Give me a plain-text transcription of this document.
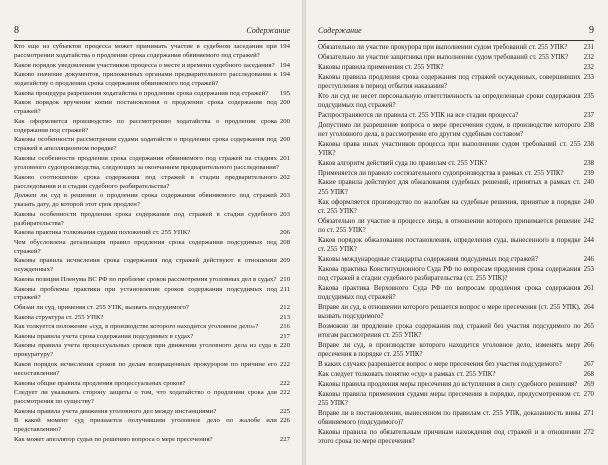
8	Содержание
194
Кто еще из субъектов процесса может принимать участие в судебном заседании при рассмотрении ходатайства о продлении срока содержания обвиняемого под стражей?
194
Каков порядок уведомления участников процесса о месте и времени судебного заседания?
194
Каково значение документов, приложенных органами предварительного расследования к ходатайству о продлении срока содержания обвиняемого под стражей?
195
Какова процедура разрешения ходатайства о продлении срока содержания под стражей?
200
Каков порядок вручения копии постановления о продлении срока содержания под стражей?
200
Как оформляется производство по рассмотрению ходатайства о продлении срока содержания под стражей?
200
Каковы особенности рассмотрения судами ходатайств о продлении срока содержания под стражей в апелляционном порядке?
201
Каковы особенности продления срока содержания обвиняемого под стражей на стадиях уголовного судопроизводства, следующих за окончанием предварительного расследования?
202
Каково соотношение срока содержания под стражей в стадии предварительного расследования и в стадии судебного разбирательства?
203
Должен ли суд в решении о продлении срока содержания обвиняемого под стражей указать дату, до которой этот срок продлен?
203
Каковы особенности продления срока содержания под стражей в стадии судебного разбирательства?
206
Какова практика толкования судами положений ст. 255 УПК?
208
Чем обусловлена детализация правил продления срока содержания подсудимых под стражей?
209
Каковы правила исчисления срока содержания под стражей действуют в отношении осужденных?
210
Какова позиция Пленума ВС РФ по проблеме сроков рассмотрения уголовных дел в судах?
211
Каковы проблемы практики при установлении сроков содержания подсудимых под стражей?
212
Обязан ли суд, применяя ст. 255 УПК, вызвать подсудимого?
213
Какова структура ст. 255 УПК?
216
Как толкуется положение «суд, в производстве которого находится уголовное дело»?
217
Каковы правила учета срока содержания подсудимых в судах?
220
Каковы правила учета процессуальных сроков при движении уголовного дела из суда в прокуратуру?
222
Каков порядок исчисления сроков по делам возвращенных прокурором по причине его несоставления?
222
Каковы общие правила продления процессуальных сроков?
222
Следует ли указывать сторону защиты о том, что ходатайство о продлении срока для рассмотрения по существу?
225
Каковы правила учета движения уголовного дел между инстанциями?
226
В какой момент суд признается получившим уголовное дело по жалобе или представлению?
227
Как может апеллятор судьи по решению вопроса о мере пресечения?
Содержание	9
231
Обязательно ли участие прокурора при выполнении судом требований ст. 255 УПК?
232
Обязательно ли участие защитника при выполнении судом требований ст. 255 УПК?
232
Каковы правила применения ст. 255 УПК?
233
Каковы правила продления срока содержания под стражей осужденных, совершивших преступления в период отбытия наказания?
235
Кто ли суд не несет персональную ответственность за определенные сроки содержания подсудимых под стражей?
237
Распространяются ли правила ст. 255 УПК на все стадии процесса?
238
Допустимо ли разрешение вопроса о мере пресечения судом, в производстве которого нет уголовного дела, в рассмотрение его другим судебным составом?
238
Каковы права иных участников процесса при выполнении судом требований ст. 255 УПК?
238
Каков алгоритм действий суда по правилам ст. 255 УПК?
239
Применяется ли правило состязательного судопроизводства в рамках ст. 255 УПК?
240
Какие правила действуют для обжалования судебных решений, принятых в рамках ст. 255 УПК?
240
Как оформляется производство по жалобам на судебные решения, принятые в порядке ст. 255 УПК?
242
Обязательно ли участие в процессе лица, в отношении которого принимается решение по ст. 255 УПК?
244
Каков порядок обжалования постановления, определения суда, вынесенного в порядке ст. 255 УПК?
246
Каковы международные стандарты содержания подсудимых под стражей?
253
Какова практика Конституционного Суда РФ по вопросам продления срока содержания под стражей в стадии судебного разбирательства (ст. 255 УПК)?
261
Какова практика Верховного Суда РФ по вопросам продления срока содержания подсудимых под стражей?
264
Вправе ли суд, в отношении которого решается вопрос о мере пресечения (ст. 255 УПК), вызвать подсудимого?
265
Возможно ли продление срока содержания под стражей без участия подсудимого по итогам рассмотрения ст. 255 УПК?
266
Вправе ли суд, в производстве которого находится уголовное дело, изменять меру пресечения в порядке ст. 255 УПК?
267
В каких случаях разрешается вопрос о мере пресечения без участия подсудимого?
268
Как следует толковать понятие «суд» в рамках ст. 255 УПК?
269
Каковы правила продления меры пресечения до вступления в силу судебного решения?
270
Каковы правила применения судами меры пресечения в порядке, предусмотренном ст. 255 УПК?
271
Вправе ли в постановлении, вынесенном по правилам ст. 255 УПК, доказанность вины обвиняемого (подсудимого)?
272
Каковы правила по обязательным причинам нахождения под стражей и в отношении этого срока по мере пресечения?
